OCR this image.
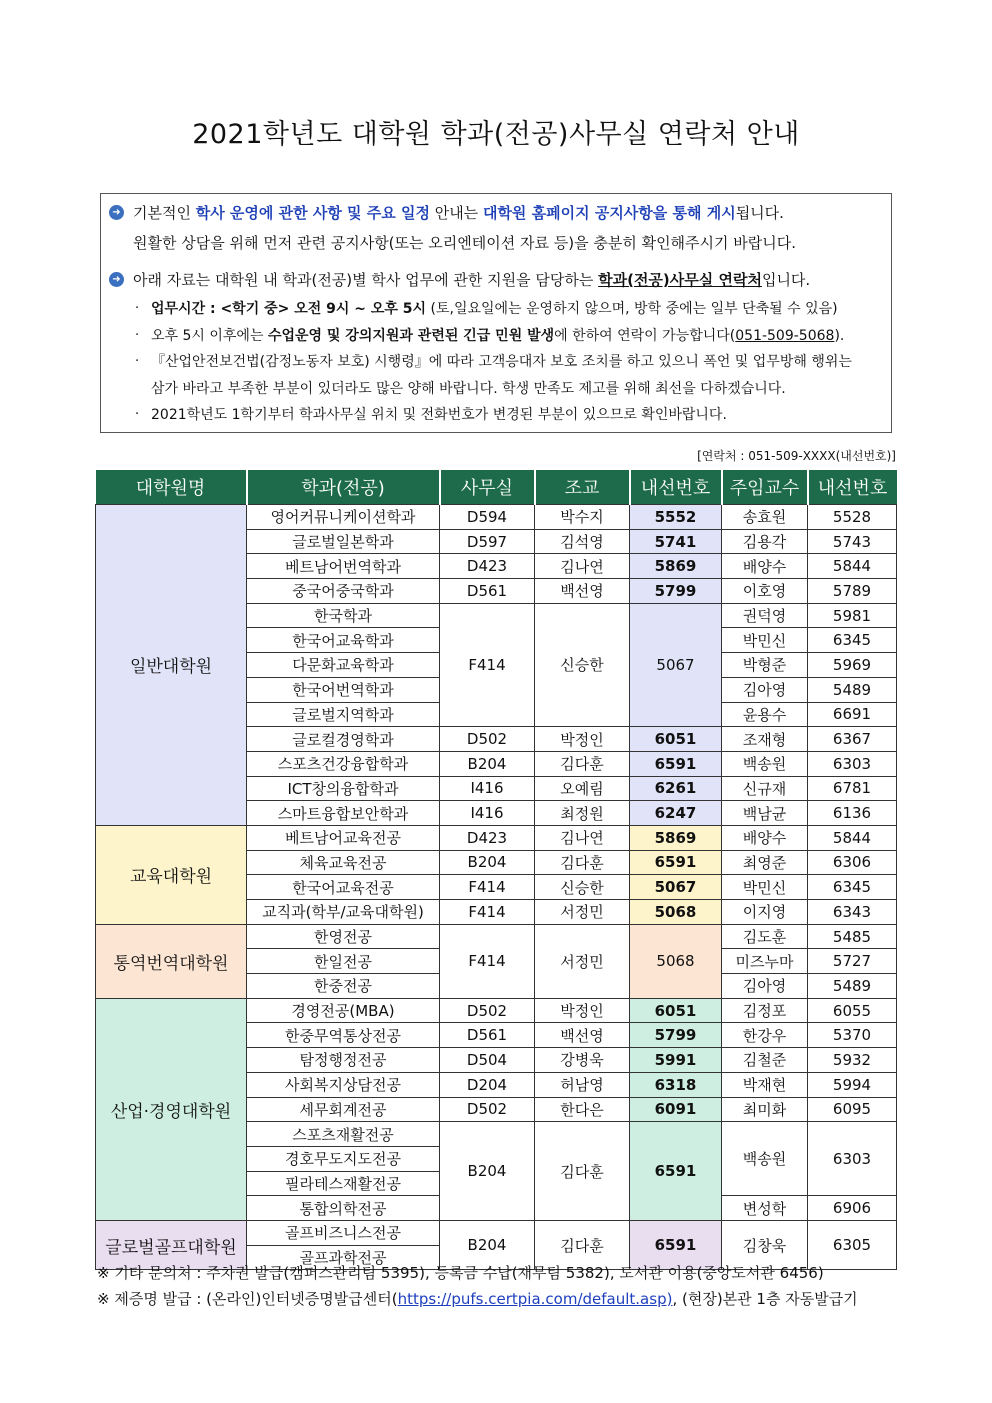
2021학년도 대학원 학과(전공)사무실 연락처 안내
➜ 기본적인 학사 운영에 관한 사항 및 주요 일정 안내는 대학원 홈페이지 공지사항을 통해 게시됩니다.
원활한 상담을 위해 먼저 관련 공지사항(또는 오리엔테이션 자료 등)을 충분히 확인해주시기 바랍니다.
➜ 아래 자료는 대학원 내 학과(전공)별 학사 업무에 관한 지원을 담당하는 학과(전공)사무실 연락처입니다.
· 업무시간 : <학기 중> 오전 9시 ~ 오후 5시 (토,일요일에는 운영하지 않으며, 방학 중에는 일부 단축될 수 있음)
· 오후 5시 이후에는 수업운영 및 강의지원과 관련된 긴급 민원 발생에 한하여 연락이 가능합니다(051-509-5068).
· 『산업안전보건법(감정노동자 보호) 시행령』에 따라 고객응대자 보호 조치를 하고 있으니 폭언 및 업무방해 행위는
삼가 바라고 부족한 부분이 있더라도 많은 양해 바랍니다. 학생 만족도 제고를 위해 최선을 다하겠습니다.
· 2021학년도 1학기부터 학과사무실 위치 및 전화번호가 변경된 부분이 있으므로 확인바랍니다.
[연락처 : 051-509-XXXX(내선번호)]
대학원명	학과(전공)	사무실	조교	내선번호	주임교수	내선번호
일반대학원	영어커뮤니케이션학과	D594	박수지	5552	송효원	5528
	글로벌일본학과	D597	김석영	5741	김용각	5743
	베트남어번역학과	D423	김나연	5869	배양수	5844
	중국어중국학과	D561	백선영	5799	이호영	5789
	한국학과	F414	신승한	5067	권덕영	5981
	한국어교육학과				박민신	6345
	다문화교육학과				박형준	5969
	한국어번역학과				김아영	5489
	글로벌지역학과				윤용수	6691
	글로컬경영학과	D502	박정인	6051	조재형	6367
	스포츠건강융합학과	B204	김다훈	6591	백송원	6303
	ICT창의융합학과	I416	오예림	6261	신규재	6781
	스마트융합보안학과	I416	최정원	6247	백남균	6136
교육대학원	베트남어교육전공	D423	김나연	5869	배양수	5844
	체육교육전공	B204	김다훈	6591	최영준	6306
	한국어교육전공	F414	신승한	5067	박민신	6345
	교직과(학부/교육대학원)	F414	서정민	5068	이지영	6343
통역번역대학원	한영전공	F414	서정민	5068	김도훈	5485
	한일전공				미즈누마	5727
	한중전공				김아영	5489
산업·경영대학원	경영전공(MBA)	D502	박정인	6051	김정포	6055
	한중무역통상전공	D561	백선영	5799	한강우	5370
	탐정행정전공	D504	강병욱	5991	김철준	5932
	사회복지상담전공	D204	허남영	6318	박재현	5994
	세무회계전공	D502	한다은	6091	최미화	6095
	스포츠재활전공	B204	김다훈	6591	백송원	6303
	경호무도지도전공					
	필라테스재활전공					
	통합의학전공				변성학	6906
글로벌골프대학원	골프비즈니스전공	B204	김다훈	6591	김창욱	6305
	골프과학전공					
※ 기타 문의처 : 주차권 발급(캠퍼스관리팀 5395), 등록금 수납(재무팀 5382), 도서관 이용(중앙도서관 6456)
※ 제증명 발급 : (온라인)인터넷증명발급센터(https://pufs.certpia.com/default.asp), (현장)본관 1층 자동발급기
